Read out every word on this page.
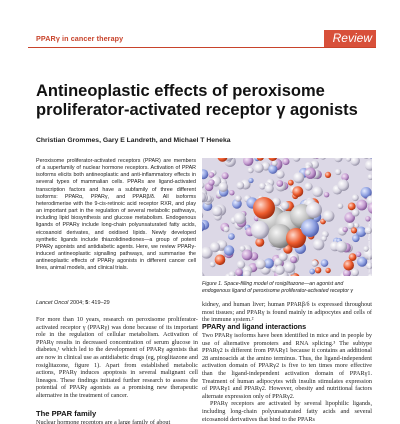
PPARγ in cancer therapy	Review
Antineoplastic effects of peroxisome proliferator-activated receptor γ agonists
Christian Grommes, Gary E Landreth, and Michael T Heneka

Peroxisome proliferator-activated receptors (PPAR) are members of a superfamily of nuclear hormone receptors. Activation of PPAR isoforms elicits both antineoplastic and anti-inflammatory effects in several types of mammalian cells. PPARs are ligand-activated transcription factors and have a subfamily of three different isoforms: PPARα, PPARγ, and PPARβ/δ. All isoforms heterodimerise with the 9-cis-retinoic acid receptor RXR, and play an important part in the regulation of several metabolic pathways, including lipid biosynthesis and glucose metabolism. Endogenous ligands of PPARγ include long-chain polyunsaturated fatty acids, eicosanoid derivates, and oxidised lipids. Newly developed synthetic ligands include thiazolidinediones—a group of potent PPARγ agonists and antidiabetic agents. Here, we review PPARγ-induced antineoplastic signalling pathways, and summarise the antineoplastic effects of PPARγ agonists in different cancer cell lines, animal models, and clinical trials.

Lancet Oncol 2004; 5: 419–29

For more than 10 years, research on peroxisome proliferator-activated receptor γ (PPARγ) was done because of its important role in the regulation of cellular metabolism. Activation of PPARγ results in decreased concentration of serum glucose in diabetes,¹ which led to the development of PPARγ agonists that are now in clinical use as antidiabetic drugs (eg, pioglitazone and rosiglitazone, figure 1). Apart from established metabolic actions, PPARγ induces apoptosis in several malignant cell lineages. These findings initiated further research to assess the potential of PPARγ agonists as a promising new therapeutic alternative in the treatment of cancer.

The PPAR family

Nuclear hormone receptors are a large family of about

Laguna Design/Science Photo Library

Figure 1. Space-filling model of rosiglitazone—an agonist and endogenous ligand of peroxisome proliferator-activated receptor γ

kidney, and human liver; human PPARβ/δ is expressed throughout most tissues; and PPARγ is found mainly in adipocytes and cells of the immune system.²

PPARγ and ligand interactions

Two PPARγ isoforms have been identified in mice and in people by use of alternative promoters and RNA splicing.³ The subtype PPARγ2 is different from PPARγ1 because it contains an additional 28 aminoacids at the amino terminus. Thus, the ligand-independent activation domain of PPARγ2 is five to ten times more effective than the ligand-independent activation domain of PPARγ1. Treatment of human adipocytes with insulin stimulates expression of PPARγ1 and PPARγ2. However, obesity and nutritional factors alternate expression only of PPARγ2.

PPARγ receptors are activated by several lipophilic ligands, including long-chain polyunsaturated fatty acids and several eicosanoid derivatives that bind to the PPARs
